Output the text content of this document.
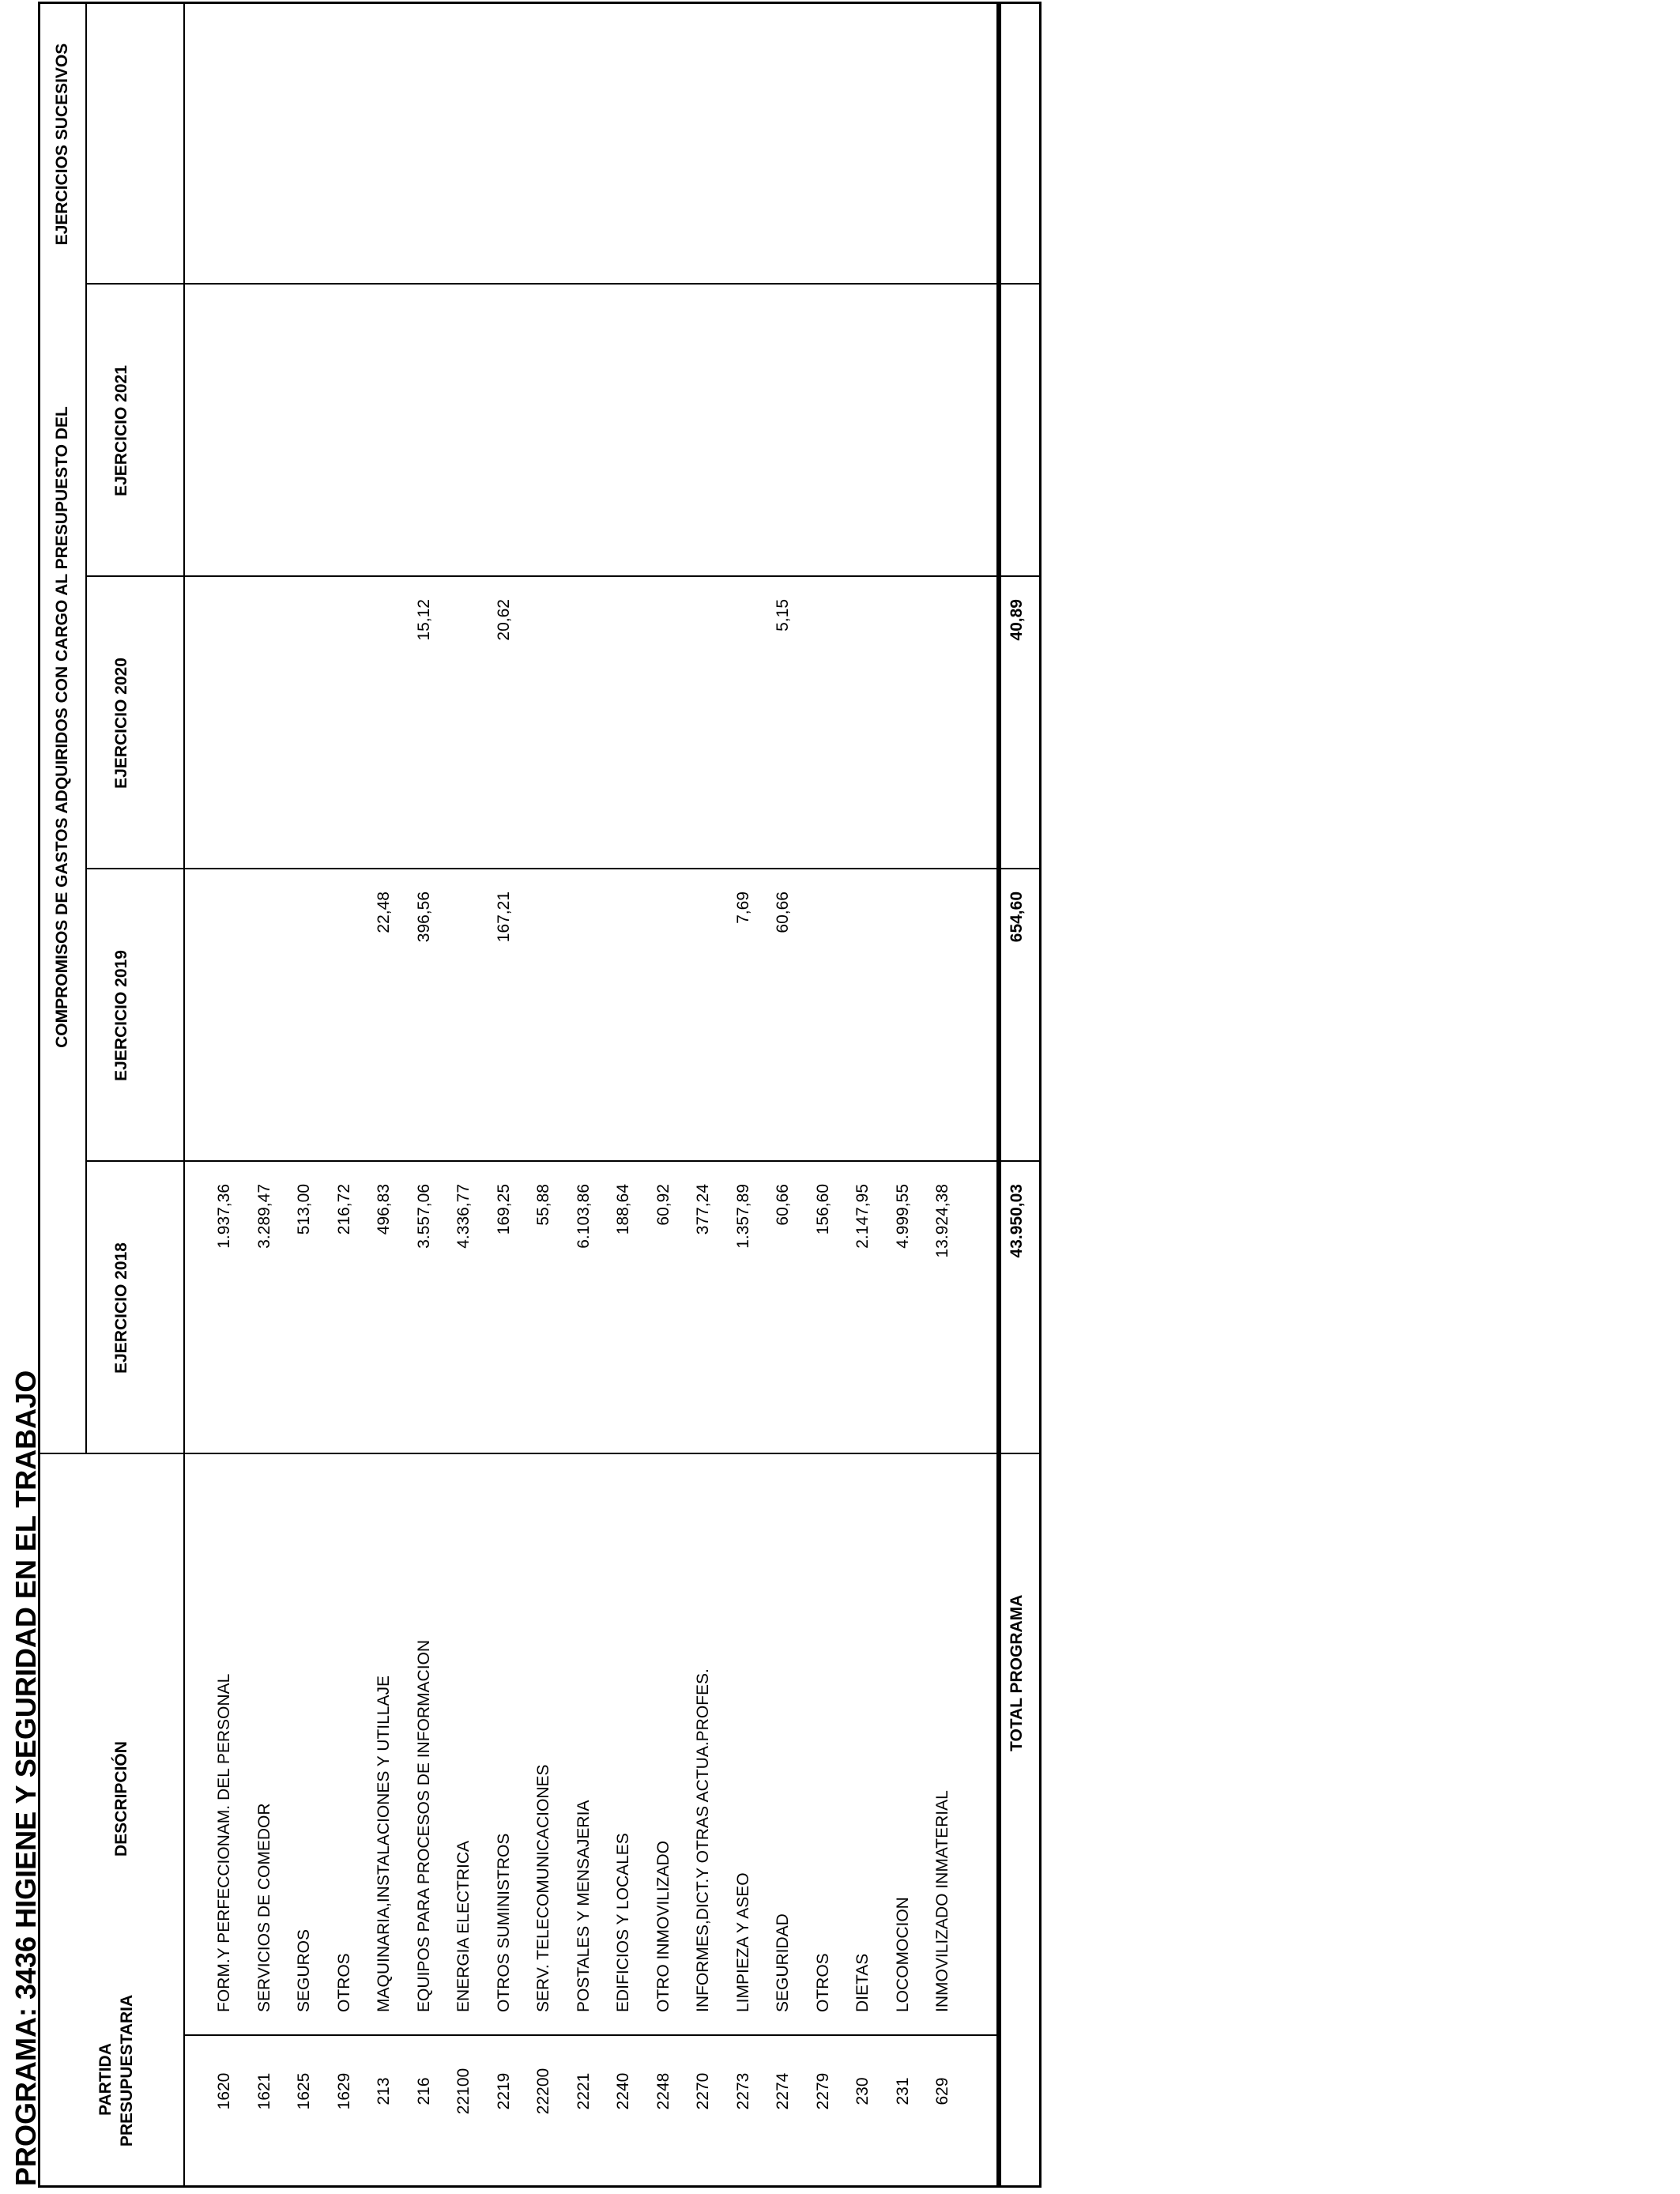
PROGRAMA: 3436 HIGIENE Y SEGURIDAD EN EL TRABAJO	PARTIDA PRESUPUESTARIA
DESCRIPCIÓN
COMPROMISOS DE GASTOS ADQUIRIDOS CON CARGO AL PRESUPUESTO DEL
EJERCICIO 2018
EJERCICIO 2019
EJERCICIO 2020
EJERCICIO 2021
EJERCICIOS SUCESIVOS
1620
FORM.Y PERFECCIONAM. DEL PERSONAL
1.937,36
1621
SERVICIOS DE COMEDOR
3.289,47
1625
SEGUROS
513,00
1629
OTROS
216,72
213
MAQUINARIA,INSTALACIONES Y UTILLAJE
496,83
22,48
216
EQUIPOS PARA PROCESOS DE INFORMACION
3.557,06
396,56
15,12
22100
ENERGIA ELECTRICA
4.336,77
2219
OTROS SUMINISTROS
169,25
167,21
20,62
22200
SERV. TELECOMUNICACIONES
55,88
2221
POSTALES Y MENSAJERIA
6.103,86
2240
EDIFICIOS Y LOCALES
188,64
2248
OTRO INMOVILIZADO
60,92
2270
INFORMES,DICT.Y OTRAS ACTUA.PROFES.
377,24
2273
LIMPIEZA Y ASEO
1.357,89
7,69
2274
SEGURIDAD
60,66
60,66
5,15
2279
OTROS
156,60
230
DIETAS
2.147,95
231
LOCOMOCION
4.999,55
629
INMOVILIZADO INMATERIAL
13.924,38
TOTAL PROGRAMA
43.950,03
654,60
40,89
